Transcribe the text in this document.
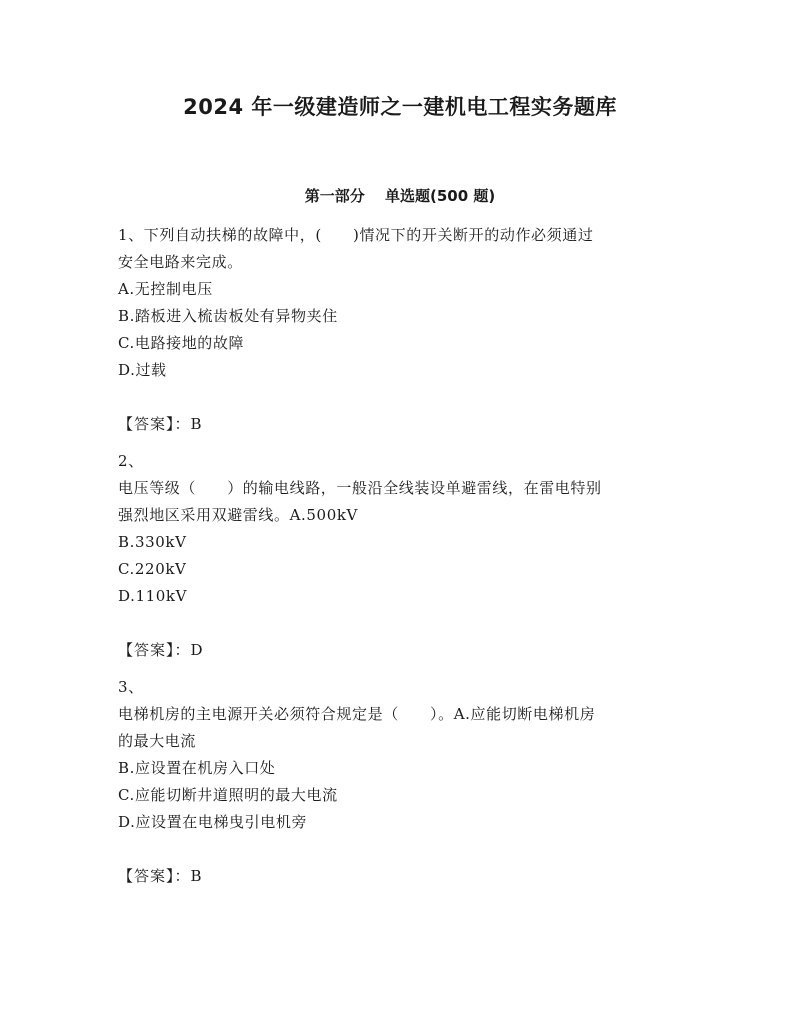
2024 年一级建造师之一建机电工程实务题库
第一部分　 单选题(500 题)

1、下列自动扶梯的故障中，(　　)情况下的开关断开的动作必须通过

安全电路来完成。

A.无控制电压

B.踏板进入梳齿板处有异物夹住

C.电路接地的故障

D.过载

【答案】：B

2、

电压等级（　　）的输电线路，一般沿全线装设单避雷线，在雷电特别

强烈地区采用双避雷线。A.500kV

B.330kV

C.220kV

D.110kV

【答案】：D

3、

电梯机房的主电源开关必须符合规定是（　　）。A.应能切断电梯机房

的最大电流

B.应设置在机房入口处

C.应能切断井道照明的最大电流

D.应设置在电梯曳引电机旁

【答案】：B
